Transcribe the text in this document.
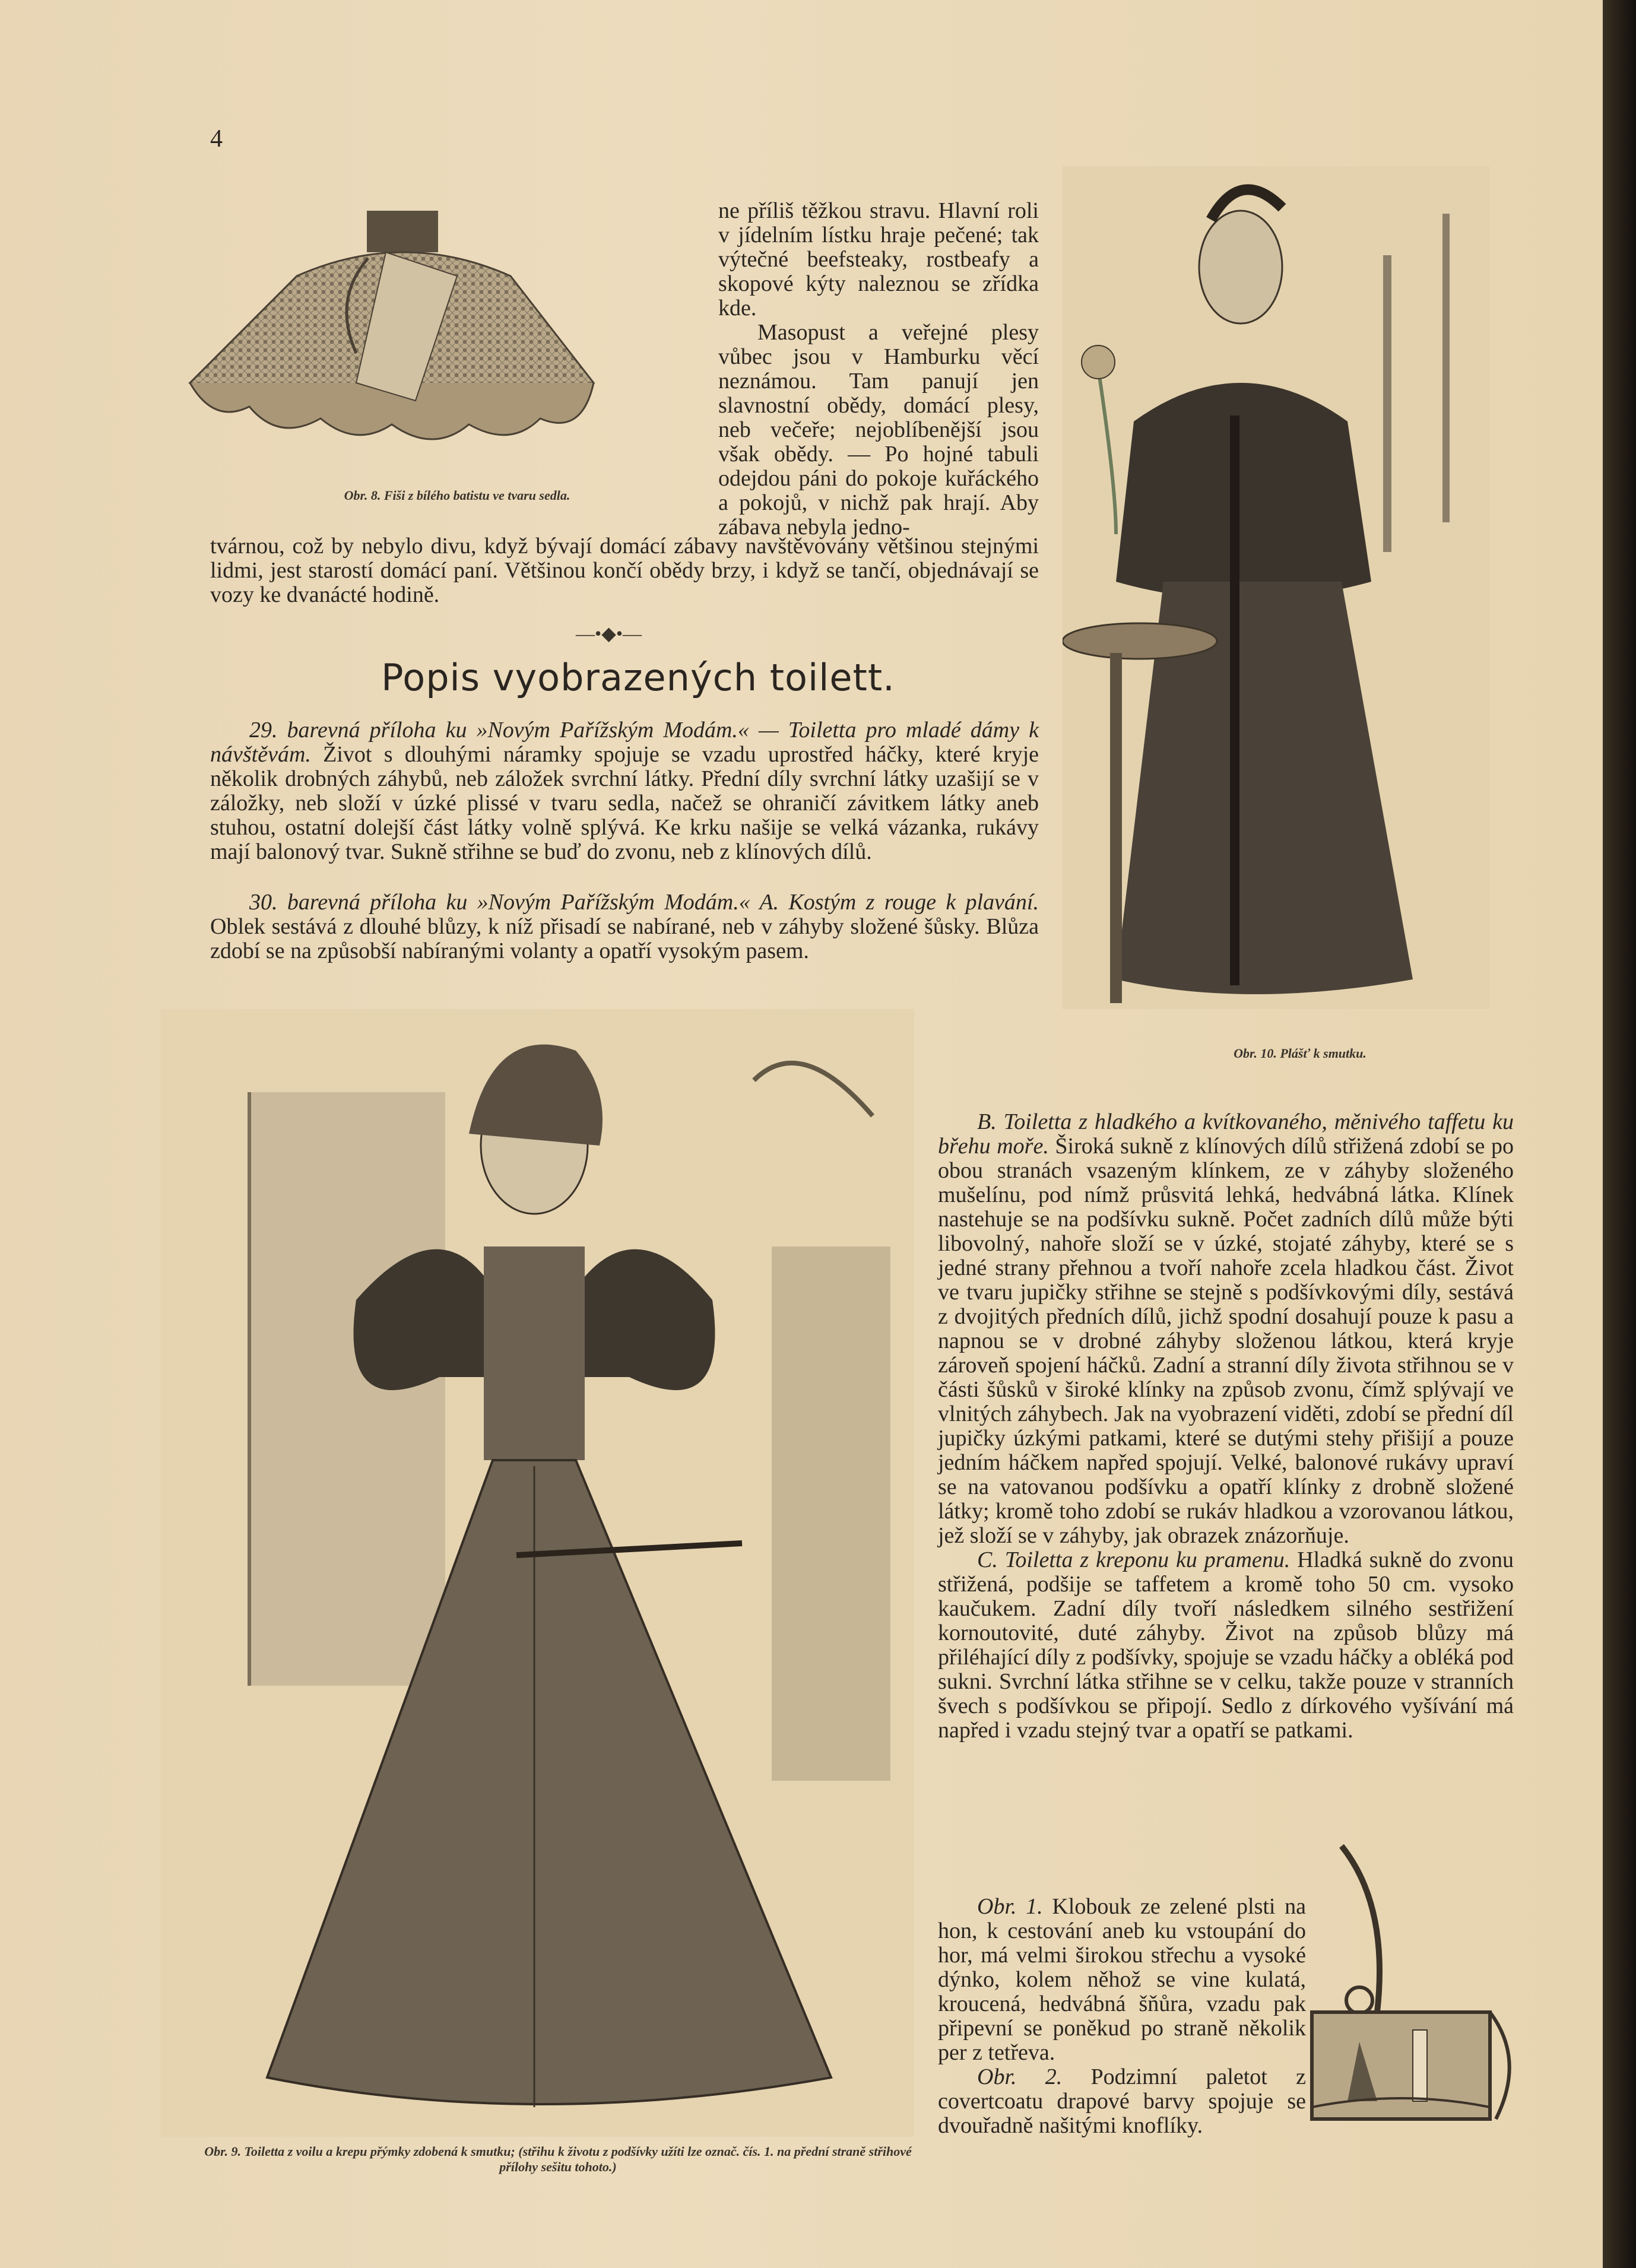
4
Obr. 8. Fiši z bílého batistu ve tvaru sedla.

ne příliš těžkou stravu. Hlavní roli v jídelním lístku hraje pečené; tak výtečné beefsteaky, rostbeafy a skopové kýty naleznou se zřídka kde.

Masopust a veřejné plesy vůbec jsou v Hamburku věcí neznámou. Tam panují jen slavnostní obědy, domácí plesy, neb večeře; nejoblíbenější jsou však obědy. — Po hojné tabuli odejdou páni do pokoje kuřáckého a pokojů, v nichž pak hrají. Aby zábava nebyla jedno-

tvárnou, což by nebylo divu, když bývají domácí zábavy navštěvovány většinou stejnými lidmi, jest starostí domácí paní. Většinou končí obědy brzy, i když se tančí, objednávají se vozy ke dvanácté hodině.

—•◆•—
Popis vyobrazených toilett.
Obr. 10. Plášť k smutku.

29. barevná příloha ku »Novým Pařížským Modám.« — Toiletta pro mladé dámy k návštěvám. Život s dlouhými náramky spojuje se vzadu uprostřed háčky, které kryje několik drobných záhybů, neb záložek svrchní látky. Přední díly svrchní látky uzašijí se v záložky, neb složí v úzké plissé v tvaru sedla, načež se ohraničí závitkem látky aneb stuhou, ostatní dolejší část látky volně splývá. Ke krku našije se velká vázanka, rukávy mají balonový tvar. Sukně střihne se buď do zvonu, neb z klínových dílů.

30. barevná příloha ku »Novým Pařížským Modám.« A. Kostým z rouge k plavání. Oblek sestává z dlouhé blůzy, k níž přisadí se nabírané, neb v záhyby složené šůsky. Blůza zdobí se na způsobší nabíranými volanty a opatří vysokým pasem.

Obr. 9. Toiletta z voilu a krepu přýmky zdobená k smutku; (střihu k životu z podšívky užíti lze označ. čís. 1. na přední straně střihové přílohy sešitu tohoto.)

B. Toiletta z hladkého a kvítkovaného, měnivého taffetu ku břehu moře. Široká sukně z klínových dílů střižená zdobí se po obou stranách vsazeným klínkem, ze v záhyby složeného mušelínu, pod nímž průsvitá lehká, hedvábná látka. Klínek nastehuje se na podšívku sukně. Počet zadních dílů může býti libovolný, nahoře složí se v úzké, stojaté záhyby, které se s jedné strany přehnou a tvoří nahoře zcela hladkou část. Život ve tvaru jupičky střihne se stejně s podšívkovými díly, sestává z dvojitých předních dílů, jichž spodní dosahují pouze k pasu a napnou se v drobné záhyby složenou látkou, která kryje zároveň spojení háčků. Zadní a stranní díly života střihnou se v části šůsků v široké klínky na způsob zvonu, čímž splývají ve vlnitých záhybech. Jak na vyobrazení viděti, zdobí se přední díl jupičky úzkými patkami, které se dutými stehy přišijí a pouze jedním háčkem napřed spojují. Velké, balonové rukávy upraví se na vatovanou podšívku a opatří klínky z drobně složené látky; kromě toho zdobí se rukáv hladkou a vzorovanou látkou, jež složí se v záhyby, jak obrazek znázorňuje.

C. Toiletta z kreponu ku pramenu. Hladká sukně do zvonu střižená, podšije se taffetem a kromě toho 50 cm. vysoko kaučukem. Zadní díly tvoří následkem silného sestřižení kornoutovité, duté záhyby. Život na způsob blůzy má přiléhající díly z podšívky, spojuje se vzadu háčky a obléká pod sukni. Svrchní látka střihne se v celku, takže pouze v stranních švech s podšívkou se připojí. Sedlo z dírkového vyšívání má napřed i vzadu stejný tvar a opatří se patkami.

Obr. 1. Klobouk ze zelené plsti na hon, k cestování aneb ku vstoupání do hor, má velmi širokou střechu a vysoké dýnko, kolem něhož se vine kulatá, kroucená, hedvábná šňůra, vzadu pak připevní se poněkud po straně několik per z tetřeva.

Obr. 2. Podzimní paletot z covertcoatu drapové barvy spojuje se dvouřadně našitými knoflíky.
